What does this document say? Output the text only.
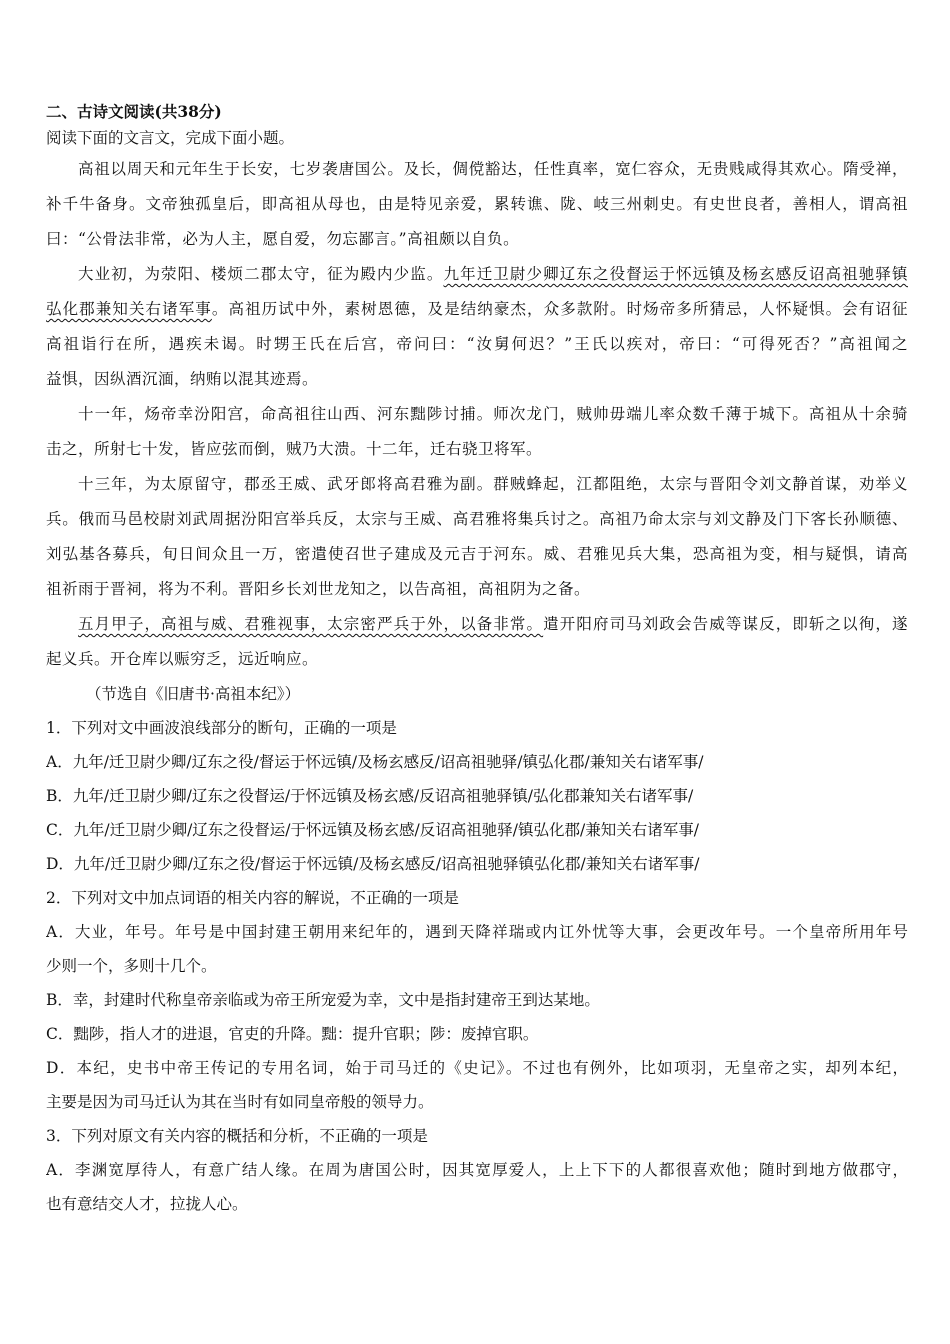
二、古诗文阅读(共38分)
阅读下面的文言文，完成下面小题。
高祖以周天和元年生于长安，七岁袭唐国公。及长，倜傥豁达，任性真率，宽仁容众，无贵贱咸得其欢心。隋受禅，
补千牛备身。文帝独孤皇后，即高祖从母也，由是特见亲爱，累转谯、陇、岐三州刺史。有史世良者，善相人，谓高祖
曰：“公骨法非常，必为人主，愿自爱，勿忘鄙言。”高祖颇以自负。
大业初，为荥阳、楼烦二郡太守，征为殿内少监。九年迁卫尉少卿辽东之役督运于怀远镇及杨玄感反诏高祖驰驿镇
弘化郡兼知关右诸军事。高祖历试中外，素树恩德，及是结纳豪杰，众多款附。时炀帝多所猜忌，人怀疑惧。会有诏征
高祖诣行在所，遇疾未谒。时甥王氏在后宫，帝问曰：“汝舅何迟？”王氏以疾对，帝曰：“可得死否？”高祖闻之
益惧，因纵酒沉湎，纳贿以混其迹焉。
十一年，炀帝幸汾阳宫，命高祖往山西、河东黜陟讨捕。师次龙门，贼帅毋端儿率众数千薄于城下。高祖从十余骑
击之，所射七十发，皆应弦而倒，贼乃大溃。十二年，迁右骁卫将军。
十三年，为太原留守，郡丞王威、武牙郎将高君雅为副。群贼蜂起，江都阻绝，太宗与晋阳令刘文静首谋，劝举义
兵。俄而马邑校尉刘武周据汾阳宫举兵反，太宗与王威、高君雅将集兵讨之。高祖乃命太宗与刘文静及门下客长孙顺德、
刘弘基各募兵，旬日间众且一万，密遣使召世子建成及元吉于河东。威、君雅见兵大集，恐高祖为变，相与疑惧，请高
祖祈雨于晋祠，将为不利。晋阳乡长刘世龙知之，以告高祖，高祖阴为之备。
五月甲子，高祖与威、君雅视事，太宗密严兵于外，以备非常。遣开阳府司马刘政会告威等谋反，即斩之以徇，遂
起义兵。开仓库以赈穷乏，远近响应。
（节选自《旧唐书·高祖本纪》）
1．下列对文中画波浪线部分的断句，正确的一项是
A．九年/迁卫尉少卿/辽东之役/督运于怀远镇/及杨玄感反/诏高祖驰驿/镇弘化郡/兼知关右诸军事/
B．九年/迁卫尉少卿/辽东之役督运/于怀远镇及杨玄感/反诏高祖驰驿镇/弘化郡兼知关右诸军事/
C．九年/迁卫尉少卿/辽东之役督运/于怀远镇及杨玄感/反诏高祖驰驿/镇弘化郡/兼知关右诸军事/
D．九年/迁卫尉少卿/辽东之役/督运于怀远镇/及杨玄感反/诏高祖驰驿镇弘化郡/兼知关右诸军事/
2．下列对文中加点词语的相关内容的解说，不正确的一项是
A．大业，年号。年号是中国封建王朝用来纪年的，遇到天降祥瑞或内讧外忧等大事，会更改年号。一个皇帝所用年号
少则一个，多则十几个。
B．幸，封建时代称皇帝亲临或为帝王所宠爱为幸，文中是指封建帝王到达某地。
C．黜陟，指人才的进退，官吏的升降。黜：提升官职；陟：废掉官职。
D．本纪，史书中帝王传记的专用名词，始于司马迁的《史记》。不过也有例外，比如项羽，无皇帝之实，却列本纪，
主要是因为司马迁认为其在当时有如同皇帝般的领导力。
3．下列对原文有关内容的概括和分析，不正确的一项是
A．李渊宽厚待人，有意广结人缘。在周为唐国公时，因其宽厚爱人，上上下下的人都很喜欢他；随时到地方做郡守，
也有意结交人才，拉拢人心。
